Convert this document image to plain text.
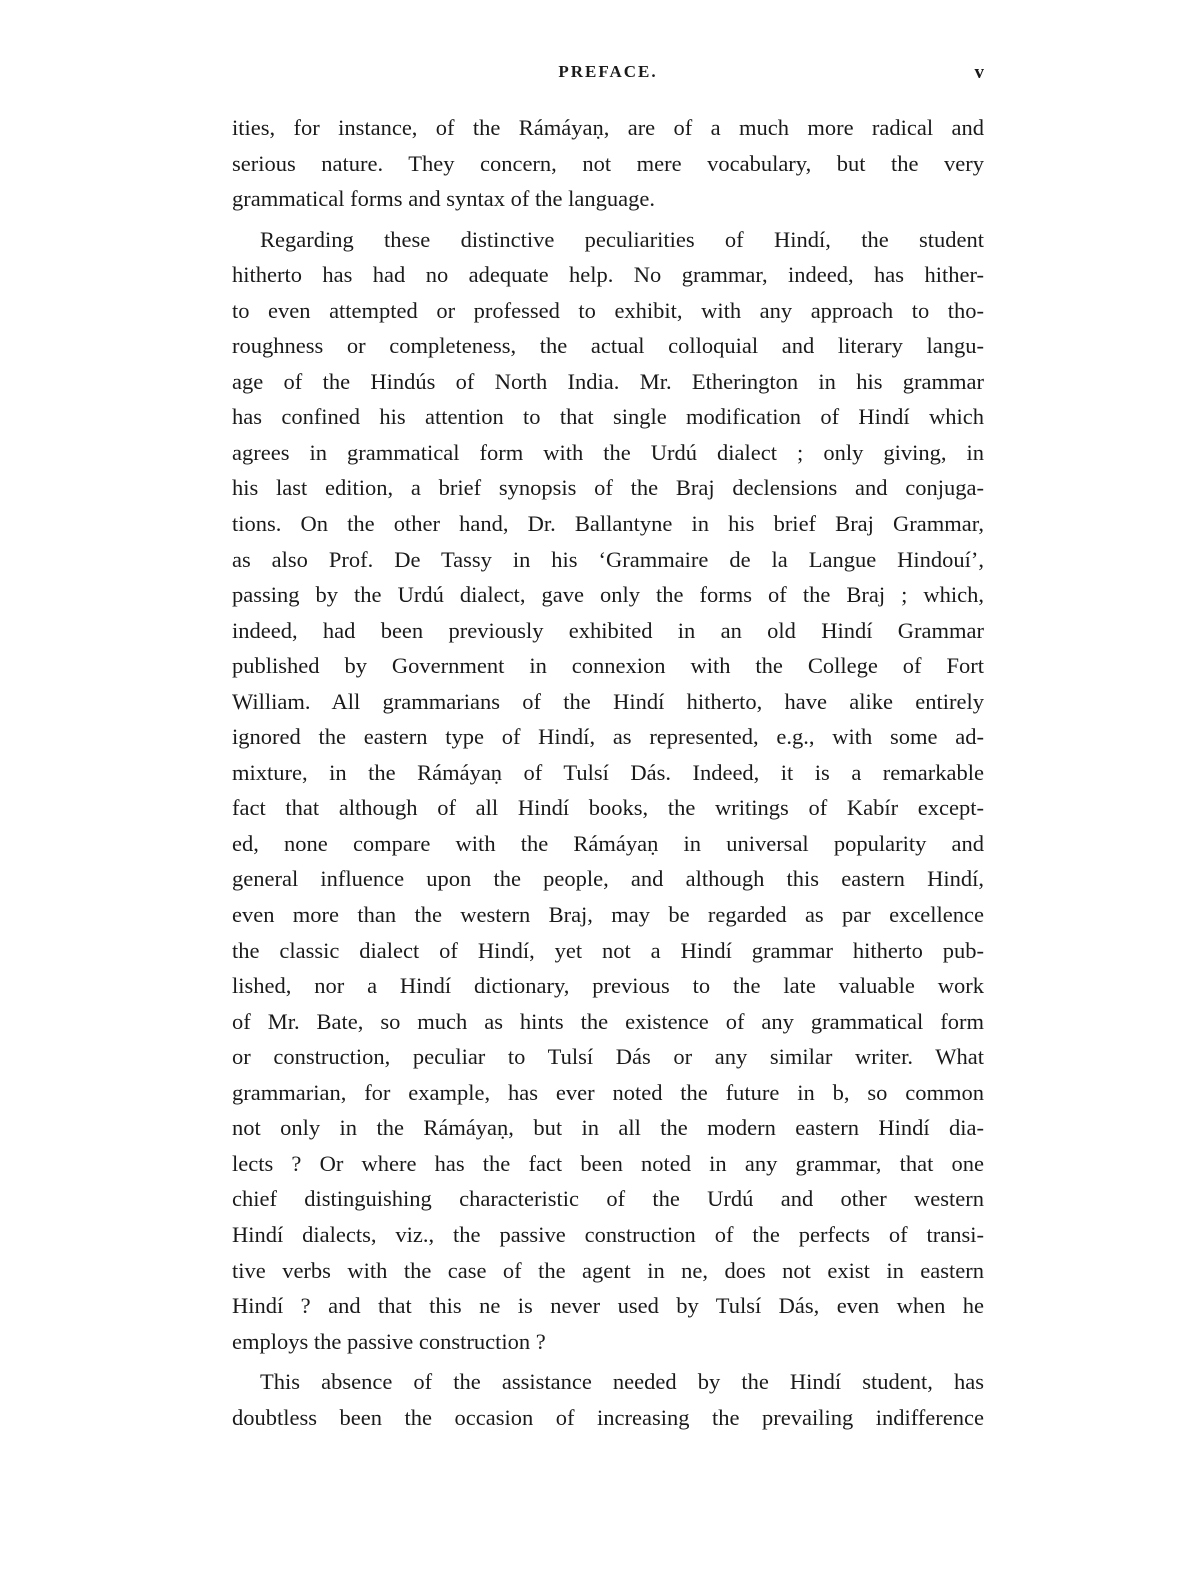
PREFACE.	v
ities, for instance, of the Rámáyaṇ, are of a much more radical and
serious nature. They concern, not mere vocabulary, but the very
grammatical forms and syntax of the language.
Regarding these distinctive peculiarities of Hindí, the student
hitherto has had no adequate help. No grammar, indeed, has hither-
to even attempted or professed to exhibit, with any approach to tho-
roughness or completeness, the actual colloquial and literary langu-
age of the Hindús of North India. Mr. Etherington in his grammar
has confined his attention to that single modification of Hindí which
agrees in grammatical form with the Urdú dialect ; only giving, in
his last edition, a brief synopsis of the Braj declensions and conjuga-
tions. On the other hand, Dr. Ballantyne in his brief Braj Grammar,
as also Prof. De Tassy in his ‘Grammaire de la Langue Hindouí’,
passing by the Urdú dialect, gave only the forms of the Braj ; which,
indeed, had been previously exhibited in an old Hindí Grammar
published by Government in connexion with the College of Fort
William. All grammarians of the Hindí hitherto, have alike entirely
ignored the eastern type of Hindí, as represented, e.g., with some ad-
mixture, in the Rámáyaṇ of Tulsí Dás. Indeed, it is a remarkable
fact that although of all Hindí books, the writings of Kabír except-
ed, none compare with the Rámáyaṇ in universal popularity and
general influence upon the people, and although this eastern Hindí,
even more than the western Braj, may be regarded as par excellence
the classic dialect of Hindí, yet not a Hindí grammar hitherto pub-
lished, nor a Hindí dictionary, previous to the late valuable work
of Mr. Bate, so much as hints the existence of any grammatical form
or construction, peculiar to Tulsí Dás or any similar writer. What
grammarian, for example, has ever noted the future in b, so common
not only in the Rámáyaṇ, but in all the modern eastern Hindí dia-
lects ? Or where has the fact been noted in any grammar, that one
chief distinguishing characteristic of the Urdú and other western
Hindí dialects, viz., the passive construction of the perfects of transi-
tive verbs with the case of the agent in ne, does not exist in eastern
Hindí ? and that this ne is never used by Tulsí Dás, even when he
employs the passive construction ?
This absence of the assistance needed by the Hindí student, has
doubtless been the occasion of increasing the prevailing indifference
